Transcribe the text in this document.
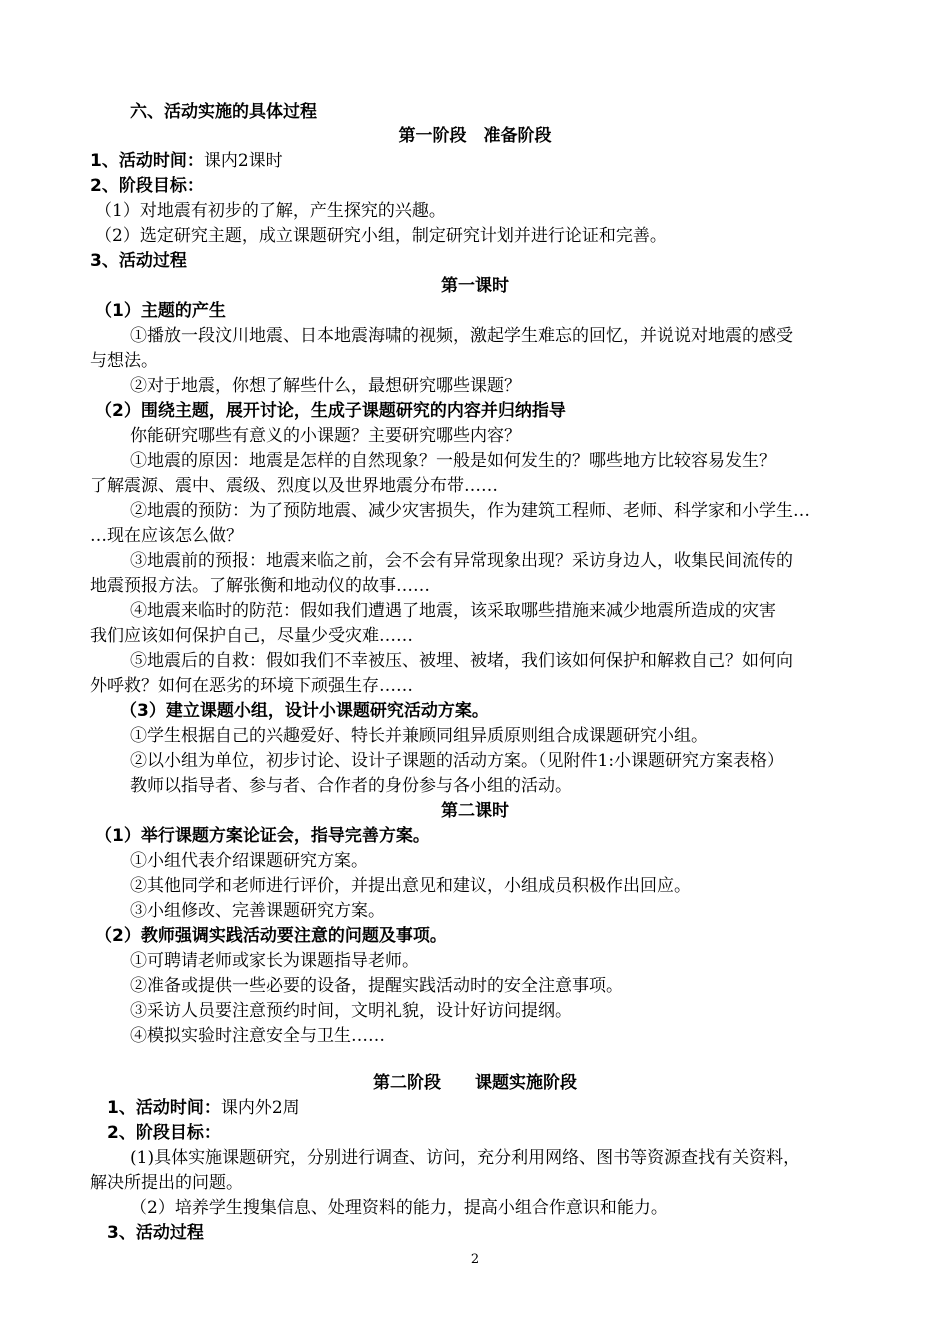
六、活动实施的具体过程
第一阶段　准备阶段
1、活动时间：课内2课时
2、阶段目标：
（1）对地震有初步的了解，产生探究的兴趣。
（2）选定研究主题，成立课题研究小组，制定研究计划并进行论证和完善。
3、活动过程
第一课时
（1）主题的产生
①播放一段汶川地震、日本地震海啸的视频，激起学生难忘的回忆，并说说对地震的感受
与想法。
②对于地震，你想了解些什么，最想研究哪些课题？
（2）围绕主题，展开讨论，生成子课题研究的内容并归纳指导
你能研究哪些有意义的小课题？主要研究哪些内容？
①地震的原因：地震是怎样的自然现象？一般是如何发生的？哪些地方比较容易发生？
了解震源、震中、震级、烈度以及世界地震分布带……
②地震的预防：为了预防地震、减少灾害损失，作为建筑工程师、老师、科学家和小学生…
…现在应该怎么做？
③地震前的预报：地震来临之前，会不会有异常现象出现？采访身边人，收集民间流传的
地震预报方法。了解张衡和地动仪的故事……
④地震来临时的防范：假如我们遭遇了地震，该采取哪些措施来减少地震所造成的灾害
我们应该如何保护自己，尽量少受灾难……
⑤地震后的自救：假如我们不幸被压、被埋、被堵，我们该如何保护和解救自己？如何向
外呼救？如何在恶劣的环境下顽强生存……
（3）建立课题小组，设计小课题研究活动方案。
①学生根据自己的兴趣爱好、特长并兼顾同组异质原则组合成课题研究小组。
②以小组为单位，初步讨论、设计子课题的活动方案。（见附件1:小课题研究方案表格）
教师以指导者、参与者、合作者的身份参与各小组的活动。
第二课时
（1）举行课题方案论证会，指导完善方案。
①小组代表介绍课题研究方案。
②其他同学和老师进行评价，并提出意见和建议，小组成员积极作出回应。
③小组修改、完善课题研究方案。
（2）教师强调实践活动要注意的问题及事项。
①可聘请老师或家长为课题指导老师。
②准备或提供一些必要的设备，提醒实践活动时的安全注意事项。
③采访人员要注意预约时间，文明礼貌，设计好访问提纲。
④模拟实验时注意安全与卫生……
第二阶段　　课题实施阶段
1、活动时间：课内外2周
2、阶段目标：
(1)具体实施课题研究，分别进行调查、访问，充分利用网络、图书等资源查找有关资料，
解决所提出的问题。
（2）培养学生搜集信息、处理资料的能力，提高小组合作意识和能力。
3、活动过程
2
